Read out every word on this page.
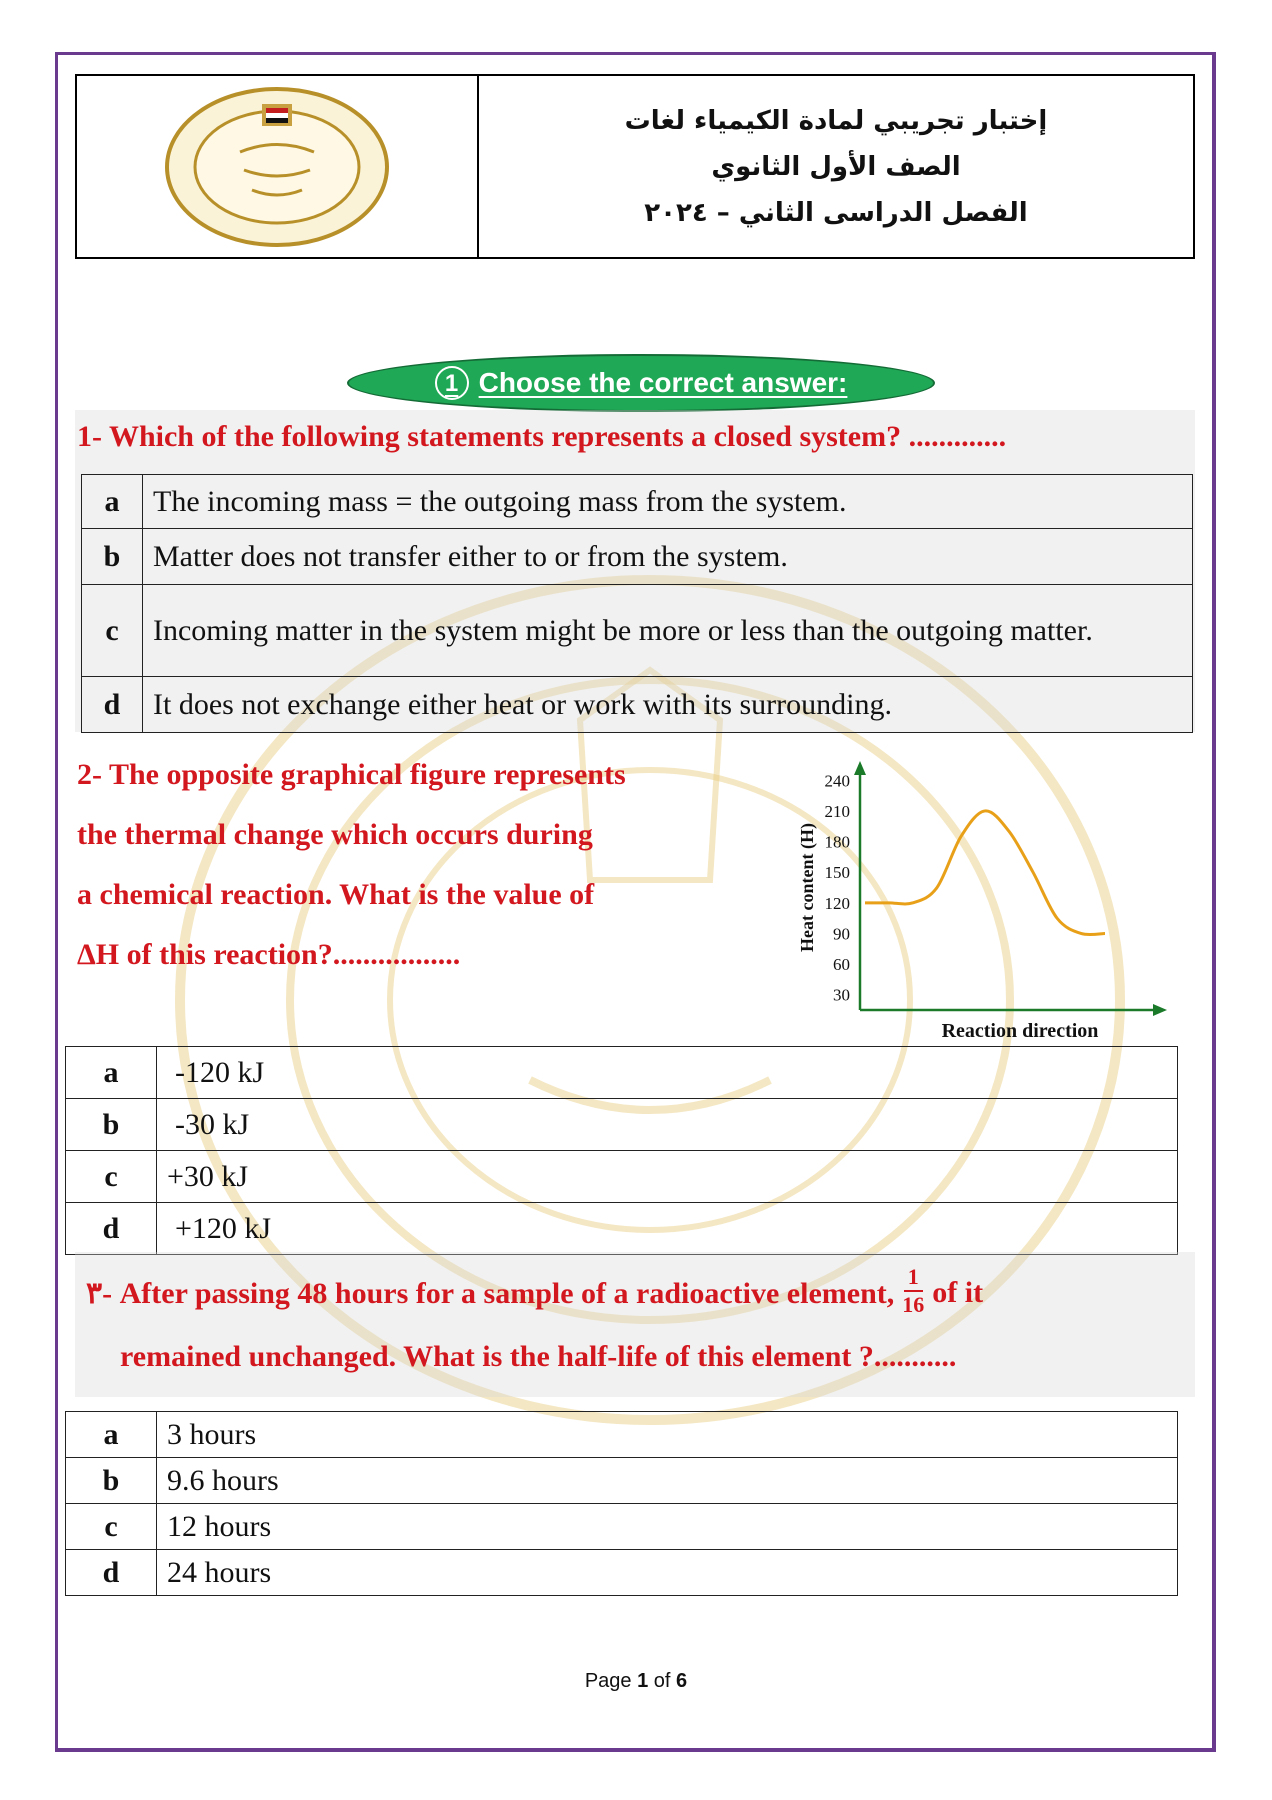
إختبار تجريبي لمادة الكيمياء لغات
الصف الأول الثانوي
الفصل الدراسى الثاني – ٢٠٢٤
1 Choose the correct answer:
1- Which of the following statements represents a closed system? .............
a	The incoming mass = the outgoing mass from the system.
b	Matter does not transfer either to or from the system.
c	Incoming matter in the system might be more or less than the outgoing matter.
d	It does not exchange either heat or work with its surrounding.
2- The opposite graphical figure represents
the thermal change which occurs during
a chemical reaction. What is the value of
ΔH of this reaction?.................
30
60
90
120
150
180
210
240
Heat content (H)
Reaction direction
a	-120 kJ
b	-30 kJ
c	+30 kJ
d	+120 kJ
٣- After passing 48 hours for a sample of a radioactive element, $\frac{1}{16}$ of it
remained unchanged. What is the half-life of this element ?...........
a	3 hours
b	9.6 hours
c	12 hours
d	24 hours
Page 1 of 6
